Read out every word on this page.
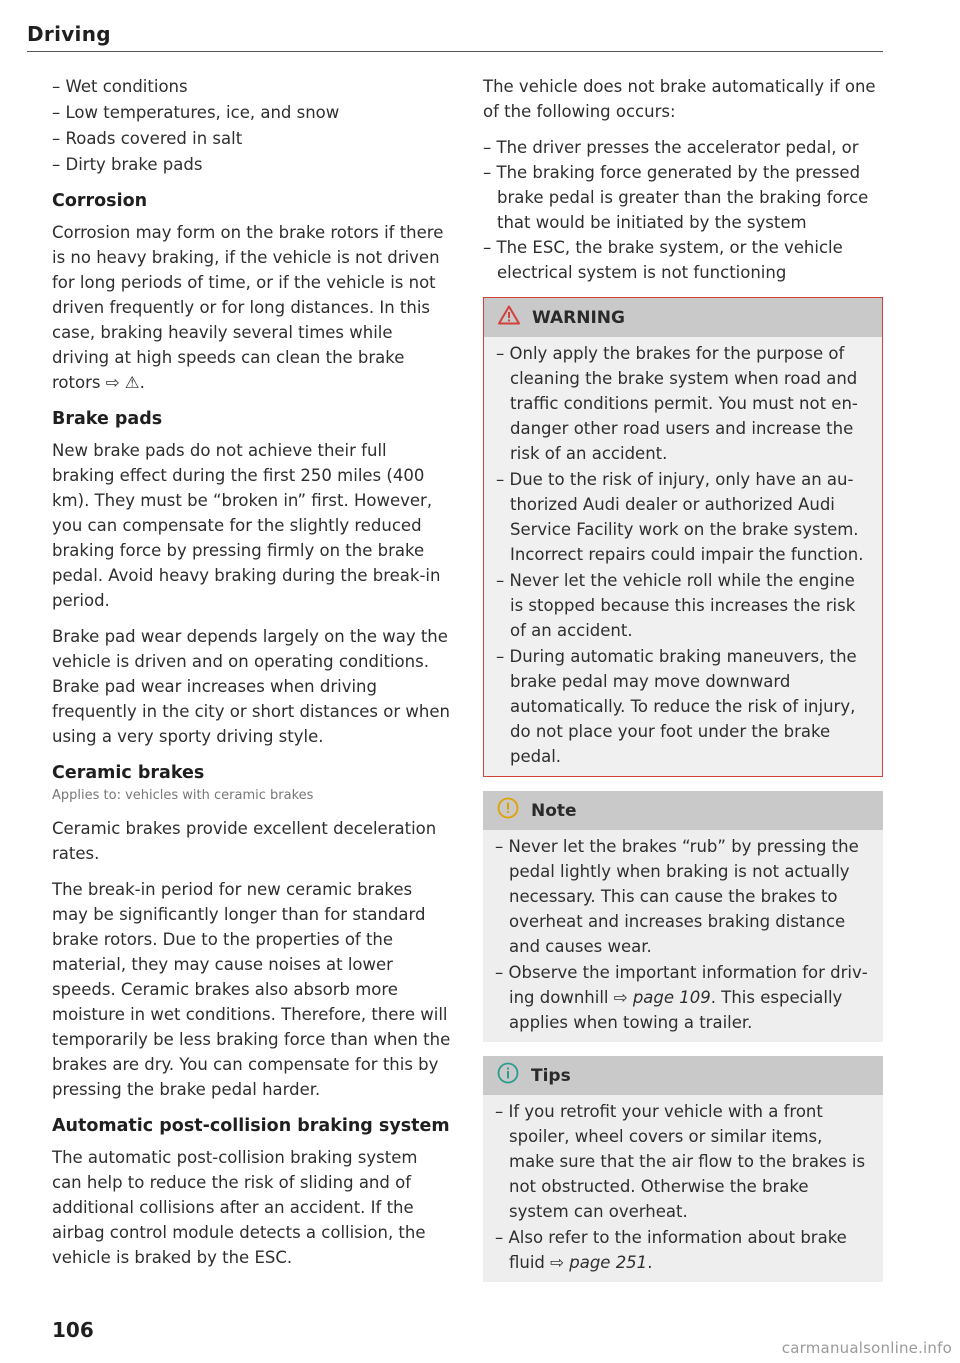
Driving
– Wet conditions
– Low temperatures, ice, and snow
– Roads covered in salt
– Dirty brake pads
Corrosion

Corrosion may form on the brake rotors if there is no heavy braking, if the vehicle is not driven for long periods of time, or if the vehicle is not driven frequently or for long distances. In this case, braking heavily several times while driving at high speeds can clean the brake rotors ⇨ ⚠.

Brake pads

New brake pads do not achieve their full braking effect during the first 250 miles (400 km). They must be “broken in” first. However, you can compensate for the slightly reduced braking force by pressing firmly on the brake pedal. Avoid heavy braking during the break-in period.

Brake pad wear depends largely on the way the vehicle is driven and on operating conditions. Brake pad wear increases when driving frequently in the city or short distances or when using a very sporty driving style.

Ceramic brakes
Applies to: vehicles with ceramic brakes

Ceramic brakes provide excellent deceleration rates.

The break-in period for new ceramic brakes may be significantly longer than for standard brake rotors. Due to the properties of the material, they may cause noises at lower speeds. Ceramic brakes also absorb more moisture in wet conditions. Therefore, there will temporarily be less braking force than when the brakes are dry. You can compensate for this by pressing the brake pedal harder.

Automatic post-collision braking system

The automatic post-collision braking system can help to reduce the risk of sliding and of additional collisions after an accident. If the airbag control module detects a collision, the vehicle is braked by the ESC.

The vehicle does not brake automatically if one of the following occurs:

– The driver presses the accelerator pedal, or
– The braking force generated by the pressed brake pedal is greater than the braking force that would be initiated by the system
– The ESC, the brake system, or the vehicle electrical system is not functioning
WARNING
– Only apply the brakes for the purpose of cleaning the brake system when road and traffic conditions permit. You must not endanger other road users and increase the risk of an accident.
– Due to the risk of injury, only have an authorized Audi dealer or authorized Audi Service Facility work on the brake system. Incorrect repairs could impair the function.
– Never let the vehicle roll while the engine is stopped because this increases the risk of an accident.
– During automatic braking maneuvers, the brake pedal may move downward automatically. To reduce the risk of injury, do not place your foot under the brake pedal.
Note
– Never let the brakes “rub” by pressing the pedal lightly when braking is not actually necessary. This can cause the brakes to overheat and increases braking distance and causes wear.
– Observe the important information for driving downhill ⇨ page 109. This especially applies when towing a trailer.
Tips
– If you retrofit your vehicle with a front spoiler, wheel covers or similar items, make sure that the air flow to the brakes is not obstructed. Otherwise the brake system can overheat.
– Also refer to the information about brake fluid ⇨ page 251.
106
carmanualsonline.info
